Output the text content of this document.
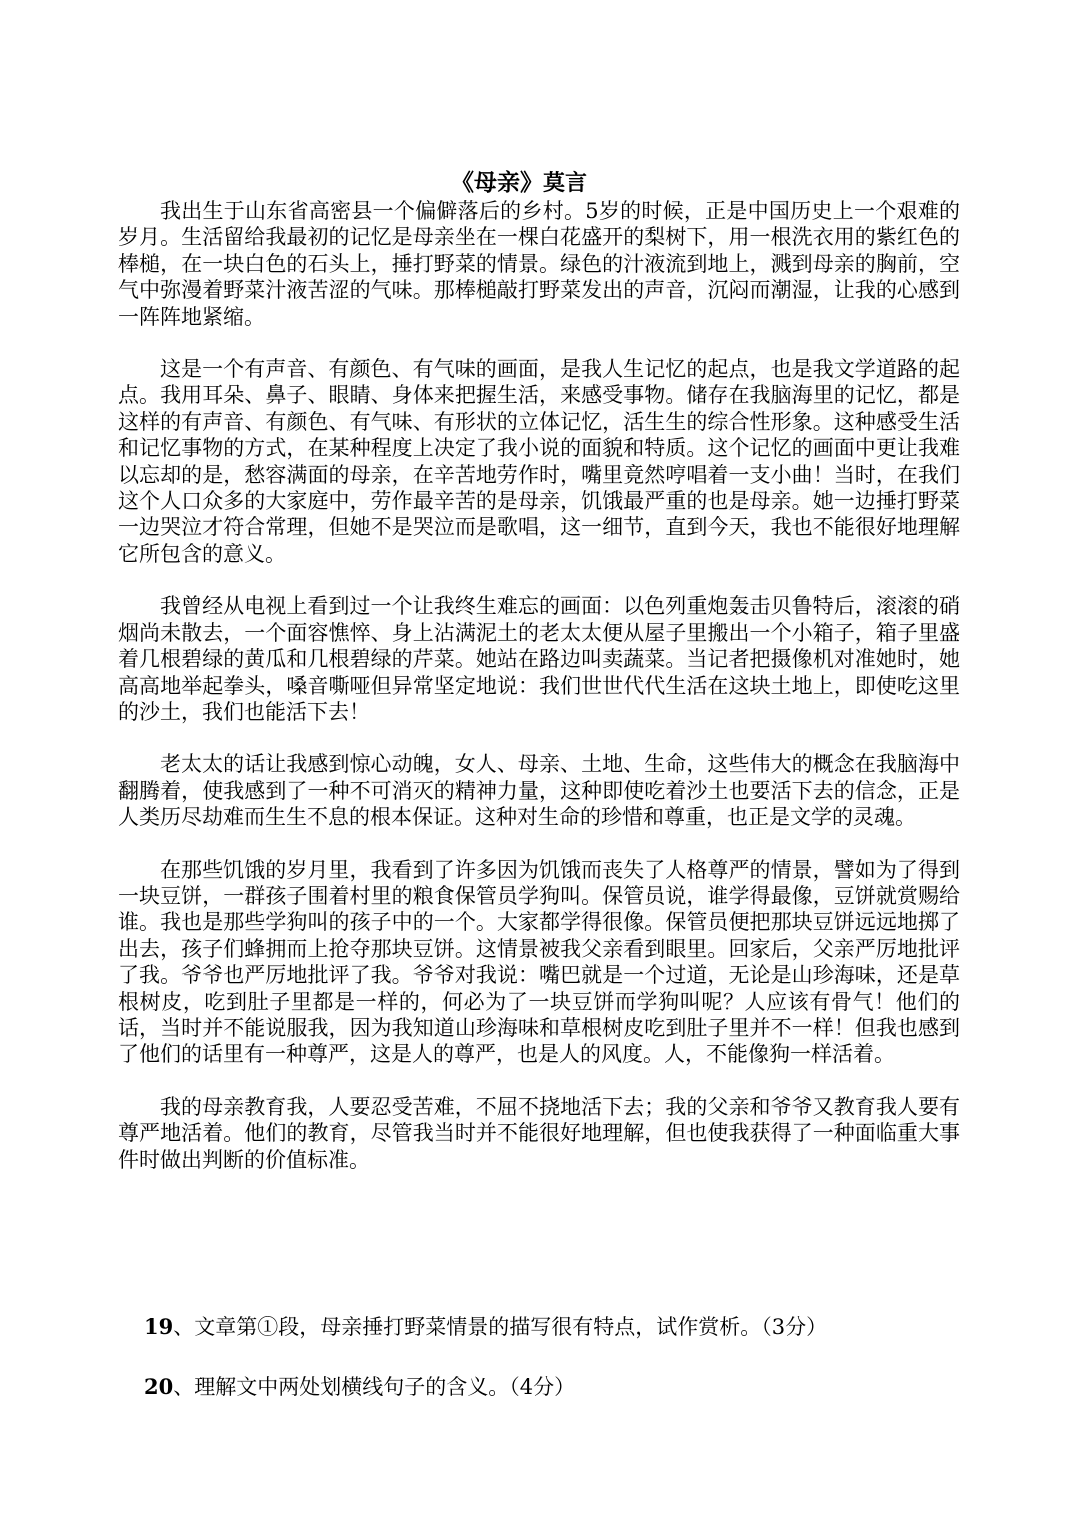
《母亲》莫言

我出生于山东省高密县一个偏僻落后的乡村。5岁的时候，正是中国历史上一个艰难的岁月。生活留给我最初的记忆是母亲坐在一棵白花盛开的梨树下，用一根洗衣用的紫红色的棒槌，在一块白色的石头上，捶打野菜的情景。绿色的汁液流到地上，溅到母亲的胸前，空气中弥漫着野菜汁液苦涩的气味。那棒槌敲打野菜发出的声音，沉闷而潮湿，让我的心感到一阵阵地紧缩。

这是一个有声音、有颜色、有气味的画面，是我人生记忆的起点，也是我文学道路的起点。我用耳朵、鼻子、眼睛、身体来把握生活，来感受事物。储存在我脑海里的记忆，都是这样的有声音、有颜色、有气味、有形状的立体记忆，活生生的综合性形象。这种感受生活和记忆事物的方式，在某种程度上决定了我小说的面貌和特质。这个记忆的画面中更让我难以忘却的是，愁容满面的母亲，在辛苦地劳作时，嘴里竟然哼唱着一支小曲！当时，在我们这个人口众多的大家庭中，劳作最辛苦的是母亲，饥饿最严重的也是母亲。她一边捶打野菜一边哭泣才符合常理，但她不是哭泣而是歌唱，这一细节，直到今天，我也不能很好地理解它所包含的意义。

我曾经从电视上看到过一个让我终生难忘的画面：以色列重炮轰击贝鲁特后，滚滚的硝烟尚未散去，一个面容憔悴、身上沾满泥土的老太太便从屋子里搬出一个小箱子，箱子里盛着几根碧绿的黄瓜和几根碧绿的芹菜。她站在路边叫卖蔬菜。当记者把摄像机对准她时，她高高地举起拳头，嗓音嘶哑但异常坚定地说：我们世世代代生活在这块土地上，即使吃这里的沙土，我们也能活下去！

老太太的话让我感到惊心动魄，女人、母亲、土地、生命，这些伟大的概念在我脑海中翻腾着，使我感到了一种不可消灭的精神力量，这种即使吃着沙土也要活下去的信念，正是人类历尽劫难而生生不息的根本保证。这种对生命的珍惜和尊重，也正是文学的灵魂。

在那些饥饿的岁月里，我看到了许多因为饥饿而丧失了人格尊严的情景，譬如为了得到一块豆饼，一群孩子围着村里的粮食保管员学狗叫。保管员说，谁学得最像，豆饼就赏赐给谁。我也是那些学狗叫的孩子中的一个。大家都学得很像。保管员便把那块豆饼远远地掷了出去，孩子们蜂拥而上抢夺那块豆饼。这情景被我父亲看到眼里。回家后，父亲严厉地批评了我。爷爷也严厉地批评了我。爷爷对我说：嘴巴就是一个过道，无论是山珍海味，还是草根树皮，吃到肚子里都是一样的，何必为了一块豆饼而学狗叫呢？人应该有骨气！他们的话，当时并不能说服我，因为我知道山珍海味和草根树皮吃到肚子里并不一样！但我也感到了他们的话里有一种尊严，这是人的尊严，也是人的风度。人，不能像狗一样活着。

我的母亲教育我，人要忍受苦难，不屈不挠地活下去；我的父亲和爷爷又教育我人要有尊严地活着。他们的教育，尽管我当时并不能很好地理解，但也使我获得了一种面临重大事件时做出判断的价值标准。

19、文章第①段，母亲捶打野菜情景的描写很有特点，试作赏析。（3分）

20、理解文中两处划横线句子的含义。（4分）
